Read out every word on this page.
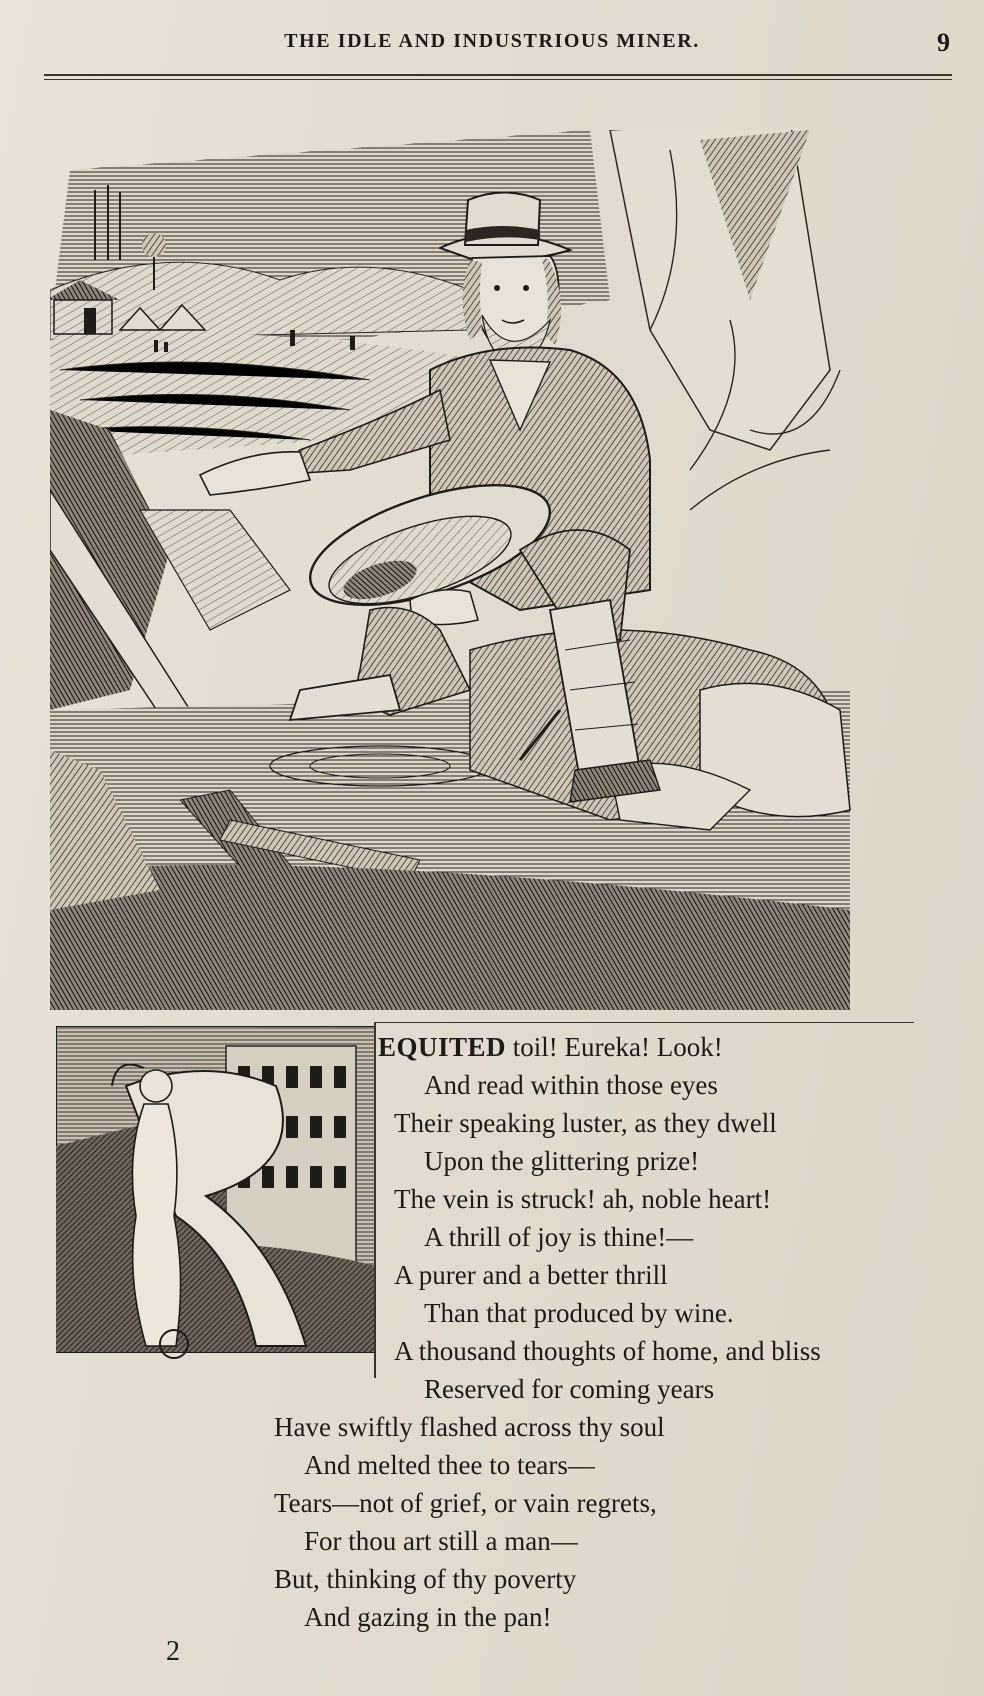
THE IDLE AND INDUSTRIOUS MINER.	9
EQUITED toil! Eureka! Look!
And read within those eyes
Their speaking luster, as they dwell
Upon the glittering prize!
The vein is struck! ah, noble heart!
A thrill of joy is thine!—
A purer and a better thrill
Than that produced by wine.
A thousand thoughts of home, and bliss
Reserved for coming years
Have swiftly flashed across thy soul
And melted thee to tears—
Tears—not of grief, or vain regrets,
For thou art still a man—
But, thinking of thy poverty
And gazing in the pan!
2
